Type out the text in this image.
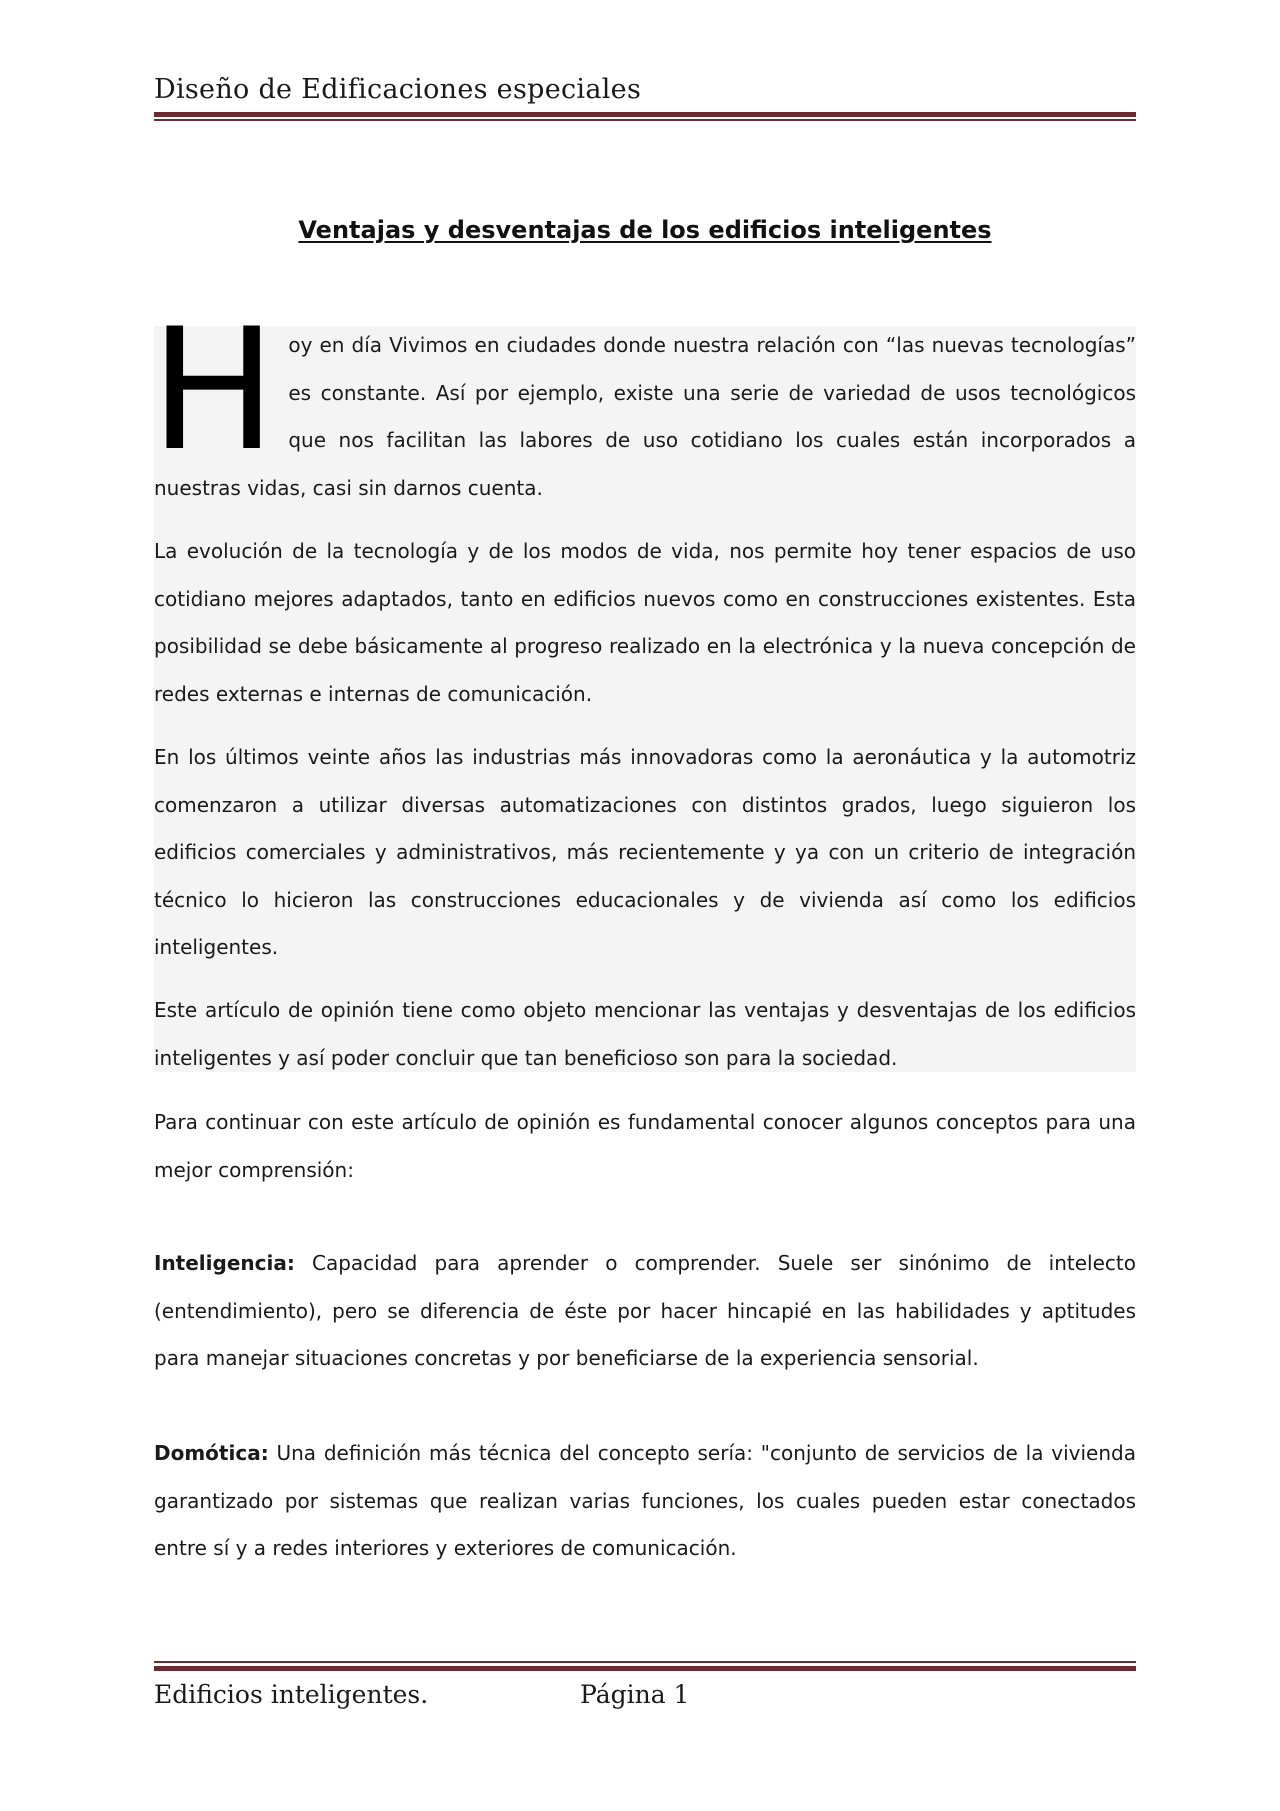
Diseño de Edificaciones especiales
Ventajas y desventajas de los edificios inteligentes

Hoy en día Vivimos en ciudades donde nuestra relación con “las nuevas tecnologías” es constante. Así por ejemplo, existe una serie de variedad de usos tecnológicos que nos facilitan las labores de uso cotidiano los cuales están incorporados a nuestras vidas, casi sin darnos cuenta.

La evolución de la tecnología y de los modos de vida, nos permite hoy tener espacios de uso cotidiano mejores adaptados, tanto en edificios nuevos como en construcciones existentes. Esta posibilidad se debe básicamente al progreso realizado en la electrónica y la nueva concepción de redes externas e internas de comunicación.

En los últimos veinte años las industrias más innovadoras como la aeronáutica y la automotriz comenzaron a utilizar diversas automatizaciones con distintos grados, luego siguieron los edificios comerciales y administrativos, más recientemente y ya con un criterio de integración técnico lo hicieron las construcciones educacionales y de vivienda así como los edificios inteligentes.

Este artículo de opinión tiene como objeto mencionar las ventajas y desventajas de los edificios inteligentes y así poder concluir que tan beneficioso son para la sociedad.

Para continuar con este artículo de opinión es fundamental conocer algunos conceptos para una mejor comprensión:

Inteligencia: Capacidad para aprender o comprender. Suele ser sinónimo de intelecto (entendimiento), pero se diferencia de éste por hacer hincapié en las habilidades y aptitudes para manejar situaciones concretas y por beneficiarse de la experiencia sensorial.

Domótica: Una definición más técnica del concepto sería: "conjunto de servicios de la vivienda garantizado por sistemas que realizan varias funciones, los cuales pueden estar conectados entre sí y a redes interiores y exteriores de comunicación.

Edificios inteligentes.	Página 1
